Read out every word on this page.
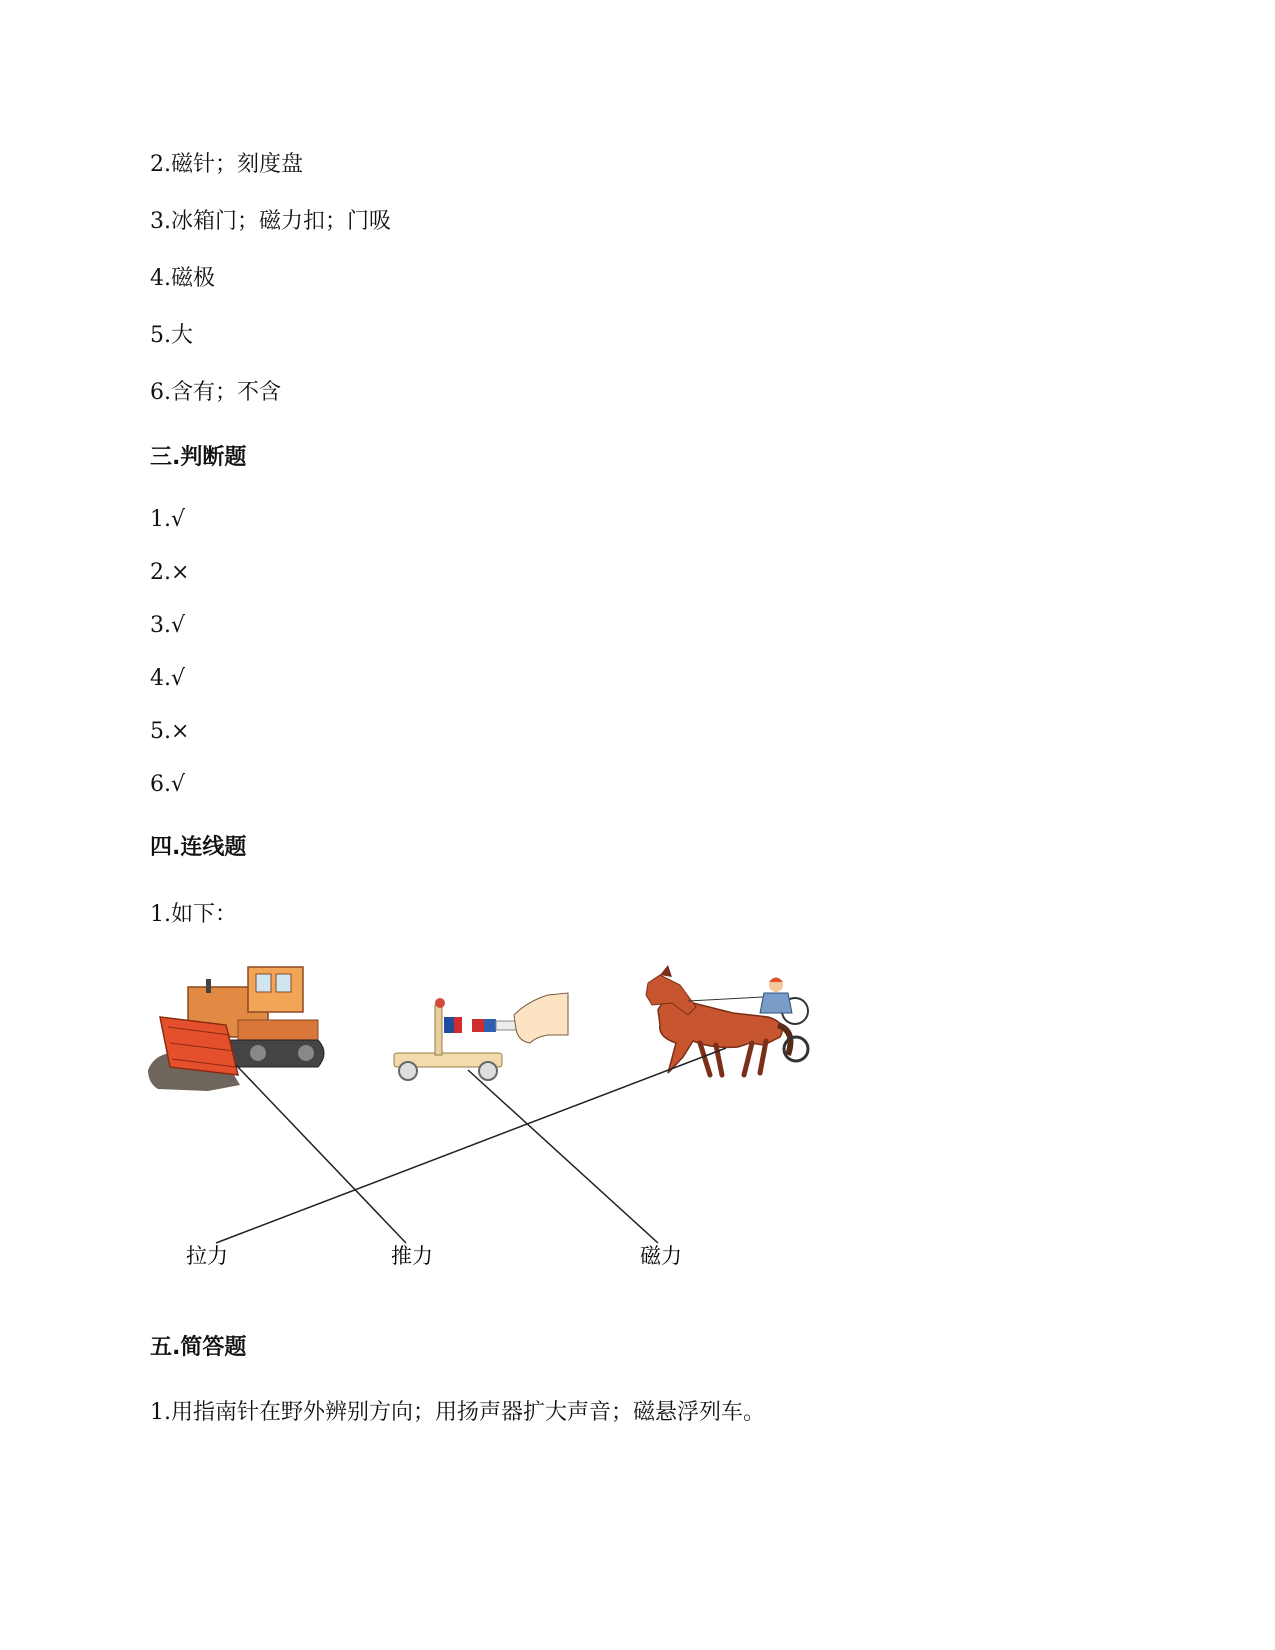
2.磁针；刻度盘
3.冰箱门；磁力扣；门吸
4.磁极
5.大
6.含有；不含
三.判断题
1.√
2.×
3.√
4.√
5.×
6.√
四.连线题
1.如下：
拉力	推力	磁力
五.简答题
1.用指南针在野外辨别方向；用扬声器扩大声音；磁悬浮列车。
